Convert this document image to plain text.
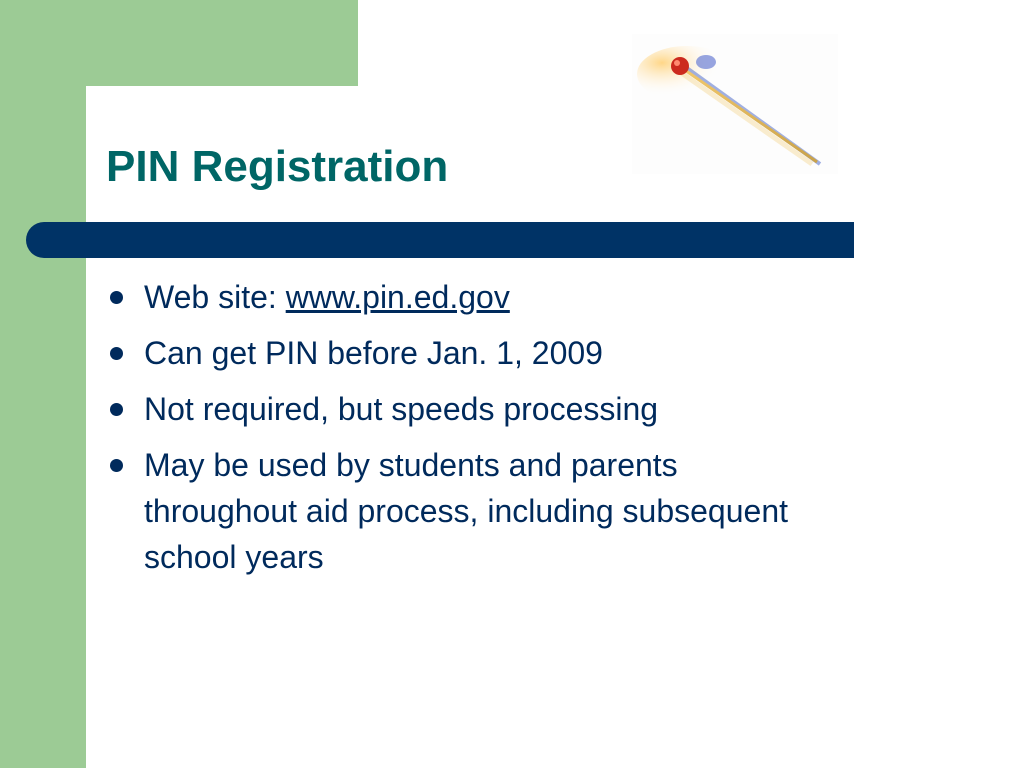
PIN Registration
Web site: www.pin.ed.gov
Can get PIN before Jan. 1, 2009
Not required, but speeds processing
May be used by students and parents throughout aid process, including subsequent school years
